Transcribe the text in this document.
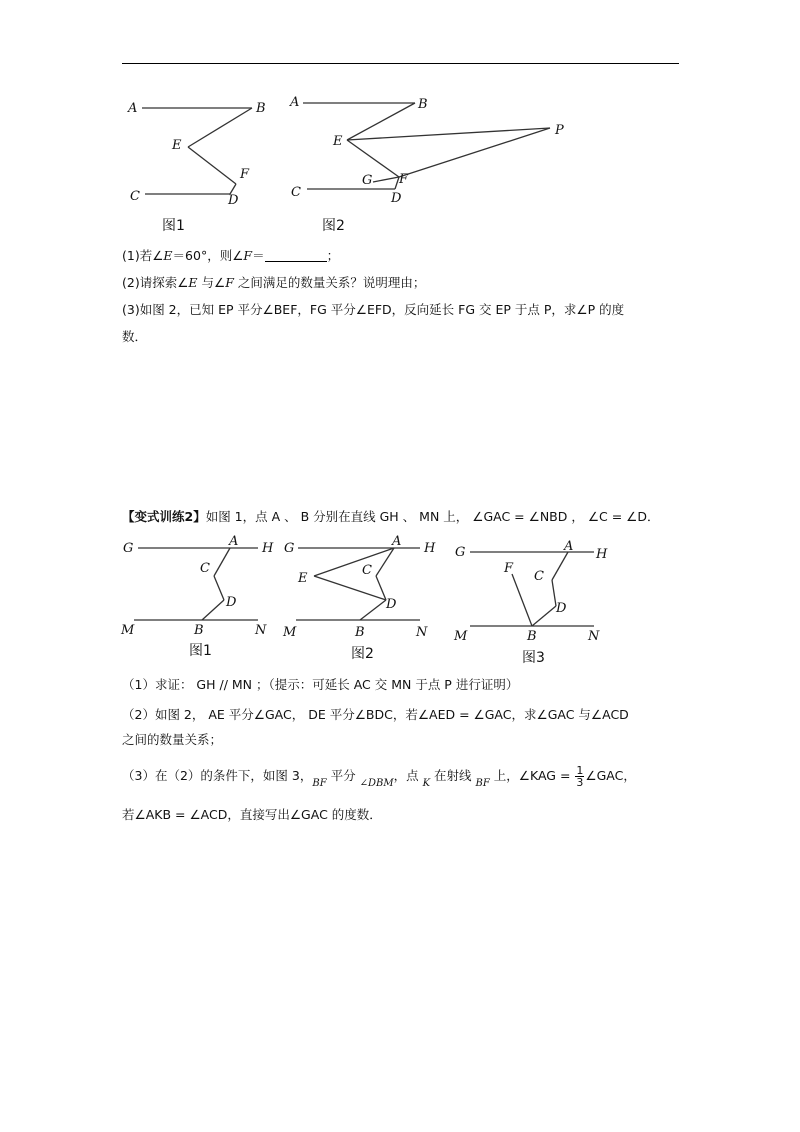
A	B
E
F
C	D
图1
A	B
E
P
G F
C	D
图2
(1)若∠E＝60°，则∠F＝	；
(2)请探索∠E 与∠F 之间满足的数量关系？说明理由；
(3)如图 2，已知 EP 平分∠BEF，FG 平分∠EFD，反向延长 FG 交 EP 于点 P，求∠P 的度
数．
【变式训练2】如图 1，点 A 、 B 分别在直线 GH 、 MN 上， ∠GAC = ∠NBD ， ∠C = ∠D．
G	A H
C
D
M	B	N
图1
G	A H
E
C
D
M	B	N
图2
G	A
H
F
C
D
M	B	N
图3
（1）求证： GH // MN ；（提示：可延长 AC 交 MN 于点 P 进行证明）
（2）如图 2， AE 平分∠GAC， DE 平分∠BDC，若∠AED = ∠GAC，求∠GAC 与∠ACD
之间的数量关系；
（3）在（2）的条件下，如图 3，$_{BF}$ 平分 $_{\angle DBM}$，点 $_K$ 在射线 $_{BF}$ 上，∠KAG = $\frac{1}{3}$ ∠GAC，
若∠AKB = ∠ACD，直接写出∠GAC 的度数．
